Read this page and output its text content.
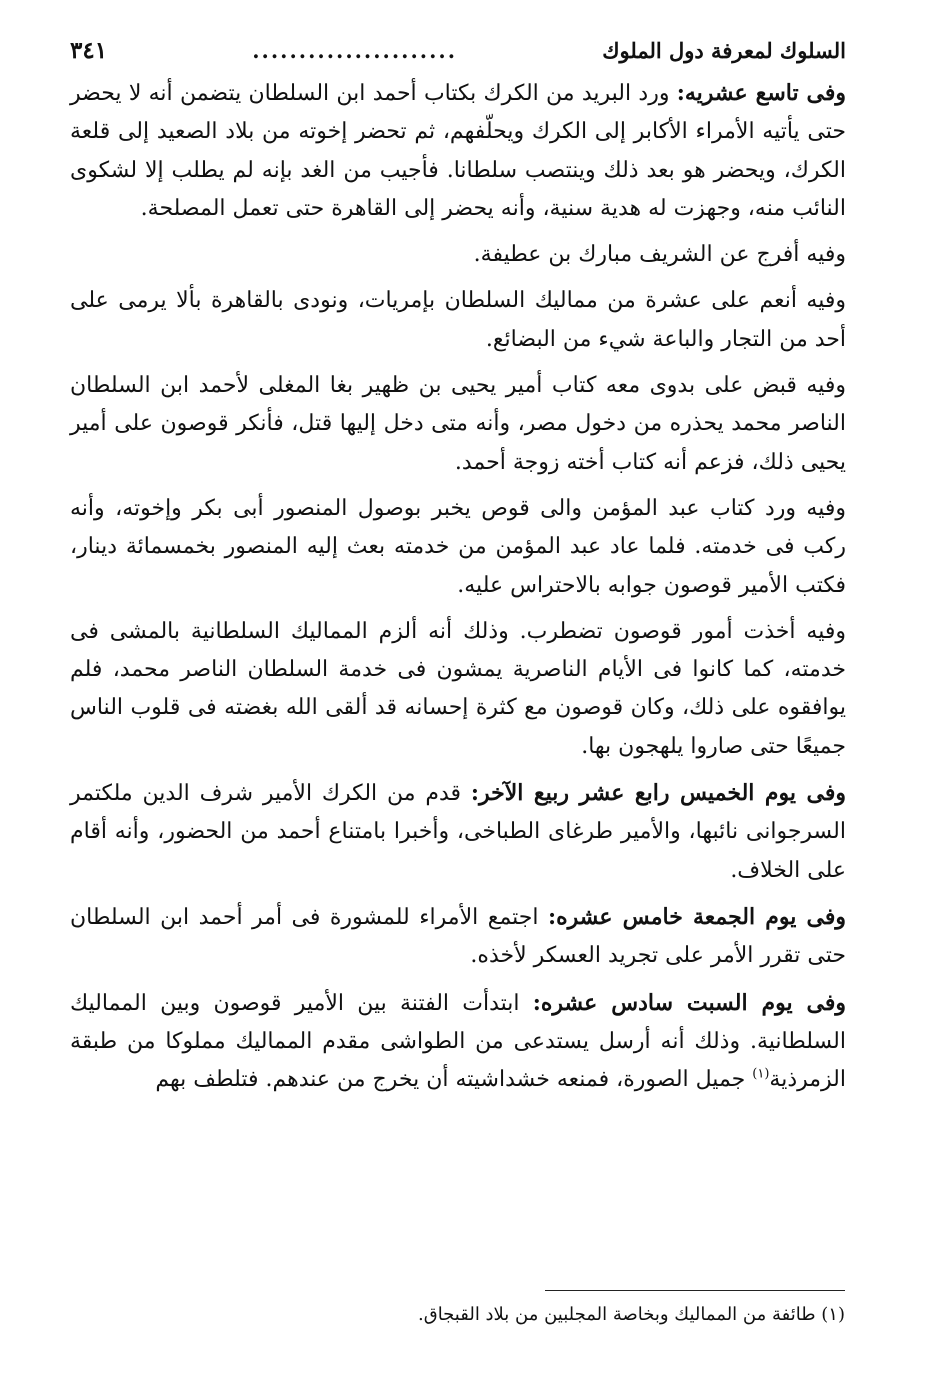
السلوك لمعرفة دول الملوك
......................
٣٤١

وفى تاسع عشريه: ورد البريد من الكرك بكتاب أحمد ابن السلطان يتضمن أنه لا يحضر حتى يأتيه الأمراء الأكابر إلى الكرك ويحلّفهم، ثم تحضر إخوته من بلاد الصعيد إلى قلعة الكرك، ويحضر هو بعد ذلك وينتصب سلطانا. فأجيب من الغد بإنه لم يطلب إلا لشكوى النائب منه، وجهزت له هدية سنية، وأنه يحضر إلى القاهرة حتى تعمل المصلحة.

وفيه أفرج عن الشريف مبارك بن عطيفة.

وفيه أنعم على عشرة من مماليك السلطان بإمريات، ونودى بالقاهرة بألا يرمى على أحد من التجار والباعة شيء من البضائع.

وفيه قبض على بدوى معه كتاب أمير يحيى بن ظهير بغا المغلى لأحمد ابن السلطان الناصر محمد يحذره من دخول مصر، وأنه متى دخل إليها قتل، فأنكر قوصون على أمير يحيى ذلك، فزعم أنه كتاب أخته زوجة أحمد.

وفيه ورد كتاب عبد المؤمن والى قوص يخبر بوصول المنصور أبى بكر وإخوته، وأنه ركب فى خدمته. فلما عاد عبد المؤمن من خدمته بعث إليه المنصور بخمسمائة دينار، فكتب الأمير قوصون جوابه بالاحتراس عليه.

وفيه أخذت أمور قوصون تضطرب. وذلك أنه ألزم المماليك السلطانية بالمشى فى خدمته، كما كانوا فى الأيام الناصرية يمشون فى خدمة السلطان الناصر محمد، فلم يوافقوه على ذلك، وكان قوصون مع كثرة إحسانه قد ألقى الله بغضته فى قلوب الناس جميعًا حتى صاروا يلهجون بها.

وفى يوم الخميس رابع عشر ربيع الآخر: قدم من الكرك الأمير شرف الدين ملكتمر السرجوانى نائبها، والأمير طرغاى الطباخى، وأخبرا بامتناع أحمد من الحضور، وأنه أقام على الخلاف.

وفى يوم الجمعة خامس عشره: اجتمع الأمراء للمشورة فى أمر أحمد ابن السلطان حتى تقرر الأمر على تجريد العسكر لأخذه.

وفى يوم السبت سادس عشره: ابتدأت الفتنة بين الأمير قوصون وبين المماليك السلطانية. وذلك أنه أرسل يستدعى من الطواشى مقدم المماليك مملوكا من طبقة الزمرذية$^{(١)}$ جميل الصورة، فمنعه خشداشيته أن يخرج من عندهم. فتلطف بهم

(١) طائفة من المماليك وبخاصة المجلبين من بلاد القبجاق.
